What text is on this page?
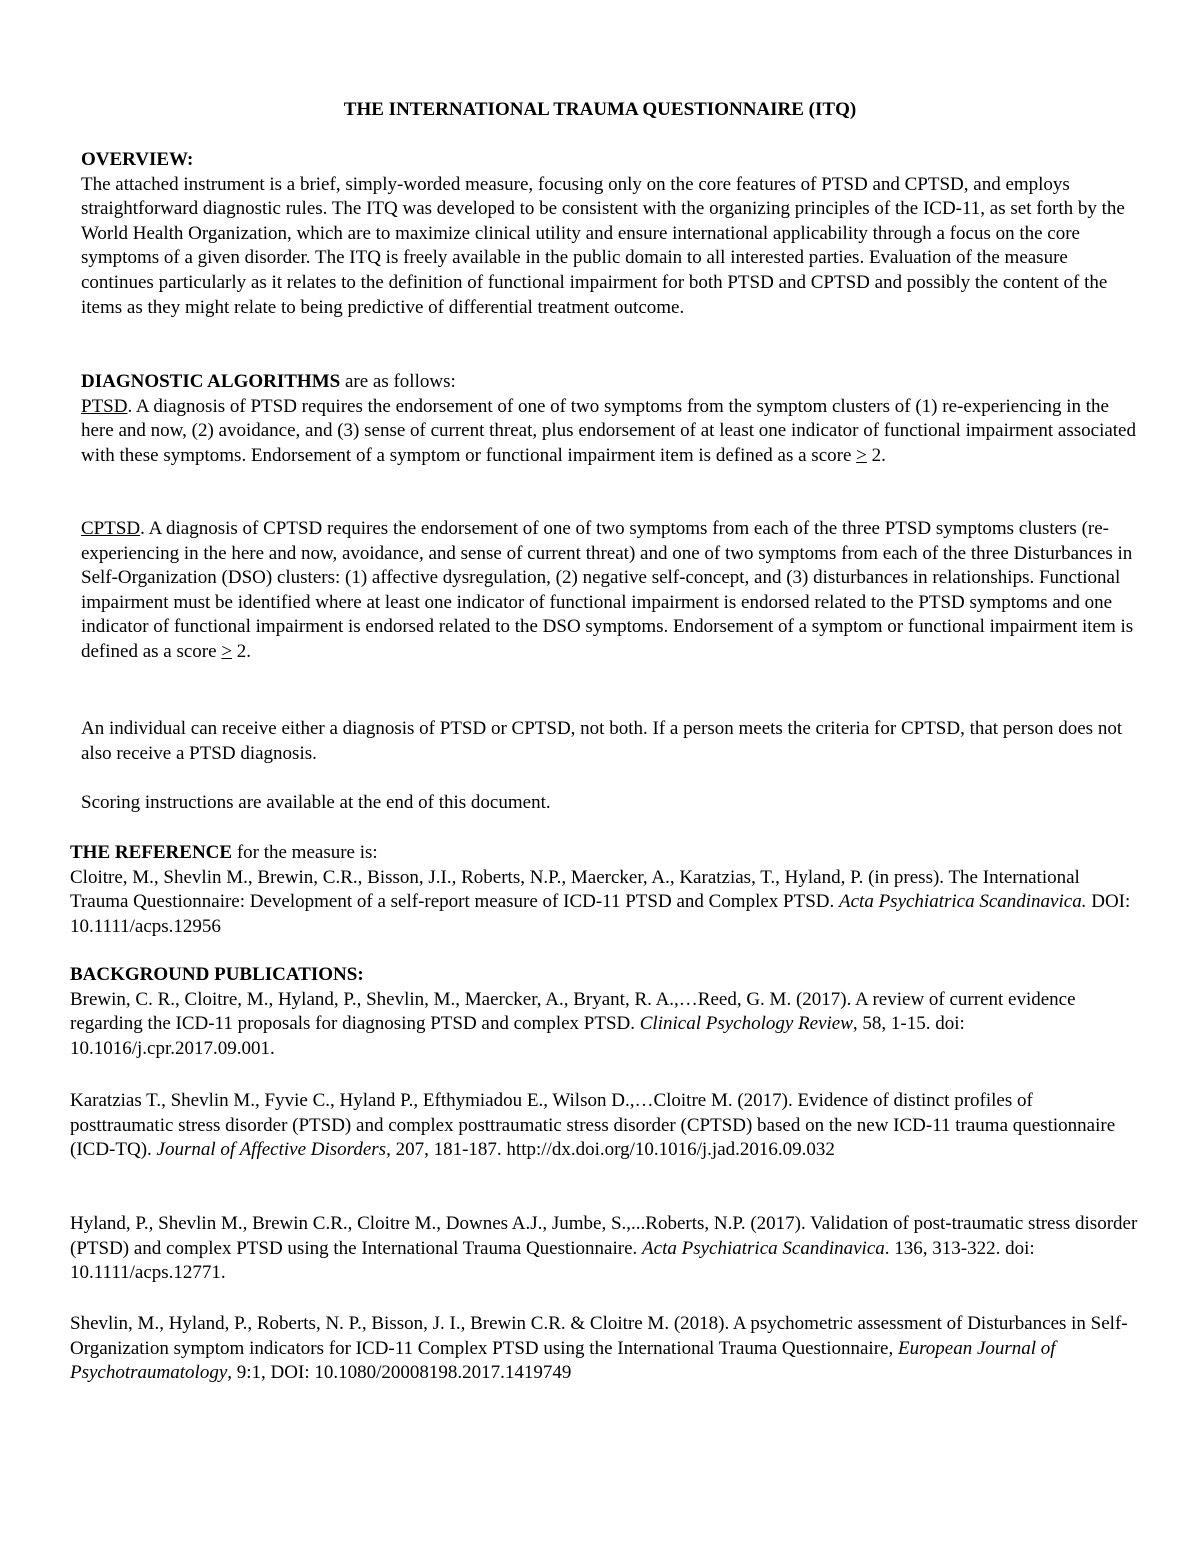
THE INTERNATIONAL TRAUMA QUESTIONNAIRE (ITQ)

OVERVIEW:

The attached instrument is a brief, simply-worded measure, focusing only on the core features of PTSD and CPTSD, and employs straightforward diagnostic rules. The ITQ was developed to be consistent with the organizing principles of the ICD-11, as set forth by the World Health Organization, which are to maximize clinical utility and ensure international applicability through a focus on the core symptoms of a given disorder. The ITQ is freely available in the public domain to all interested parties. Evaluation of the measure continues particularly as it relates to the definition of functional impairment for both PTSD and CPTSD and possibly the content of the items as they might relate to being predictive of differential treatment outcome.

DIAGNOSTIC ALGORITHMS are as follows:

PTSD. A diagnosis of PTSD requires the endorsement of one of two symptoms from the symptom clusters of (1) re-experiencing in the here and now, (2) avoidance, and (3) sense of current threat, plus endorsement of at least one indicator of functional impairment associated with these symptoms. Endorsement of a symptom or functional impairment item is defined as a score ≥ 2.

CPTSD. A diagnosis of CPTSD requires the endorsement of one of two symptoms from each of the three PTSD symptoms clusters (re-experiencing in the here and now, avoidance, and sense of current threat) and one of two symptoms from each of the three Disturbances in Self-Organization (DSO) clusters: (1) affective dysregulation, (2) negative self-concept, and (3) disturbances in relationships. Functional impairment must be identified where at least one indicator of functional impairment is endorsed related to the PTSD symptoms and one indicator of functional impairment is endorsed related to the DSO symptoms. Endorsement of a symptom or functional impairment item is defined as a score ≥ 2.

An individual can receive either a diagnosis of PTSD or CPTSD, not both. If a person meets the criteria for CPTSD, that person does not also receive a PTSD diagnosis.

Scoring instructions are available at the end of this document.

THE REFERENCE for the measure is:

Cloitre, M., Shevlin M., Brewin, C.R., Bisson, J.I., Roberts, N.P., Maercker, A., Karatzias, T., Hyland, P. (in press). The International Trauma Questionnaire: Development of a self-report measure of ICD-11 PTSD and Complex PTSD. Acta Psychiatrica Scandinavica. DOI: 10.1111/acps.12956

BACKGROUND PUBLICATIONS:

Brewin, C. R., Cloitre, M., Hyland, P., Shevlin, M., Maercker, A., Bryant, R. A.,…Reed, G. M. (2017). A review of current evidence regarding the ICD-11 proposals for diagnosing PTSD and complex PTSD. Clinical Psychology Review, 58, 1-15. doi: 10.1016/j.cpr.2017.09.001.

Karatzias T., Shevlin M., Fyvie C., Hyland P., Efthymiadou E., Wilson D.,…Cloitre M. (2017). Evidence of distinct profiles of posttraumatic stress disorder (PTSD) and complex posttraumatic stress disorder (CPTSD) based on the new ICD-11 trauma questionnaire (ICD-TQ). Journal of Affective Disorders, 207, 181-187. http://dx.doi.org/10.1016/j.jad.2016.09.032

Hyland, P., Shevlin M., Brewin C.R., Cloitre M., Downes A.J., Jumbe, S.,...Roberts, N.P. (2017). Validation of post-traumatic stress disorder (PTSD) and complex PTSD using the International Trauma Questionnaire. Acta Psychiatrica Scandinavica. 136, 313-322. doi: 10.1111/acps.12771.

Shevlin, M., Hyland, P., Roberts, N. P., Bisson, J. I., Brewin C.R. & Cloitre M. (2018). A psychometric assessment of Disturbances in Self-Organization symptom indicators for ICD-11 Complex PTSD using the International Trauma Questionnaire, European Journal of Psychotraumatology, 9:1, DOI: 10.1080/20008198.2017.1419749
